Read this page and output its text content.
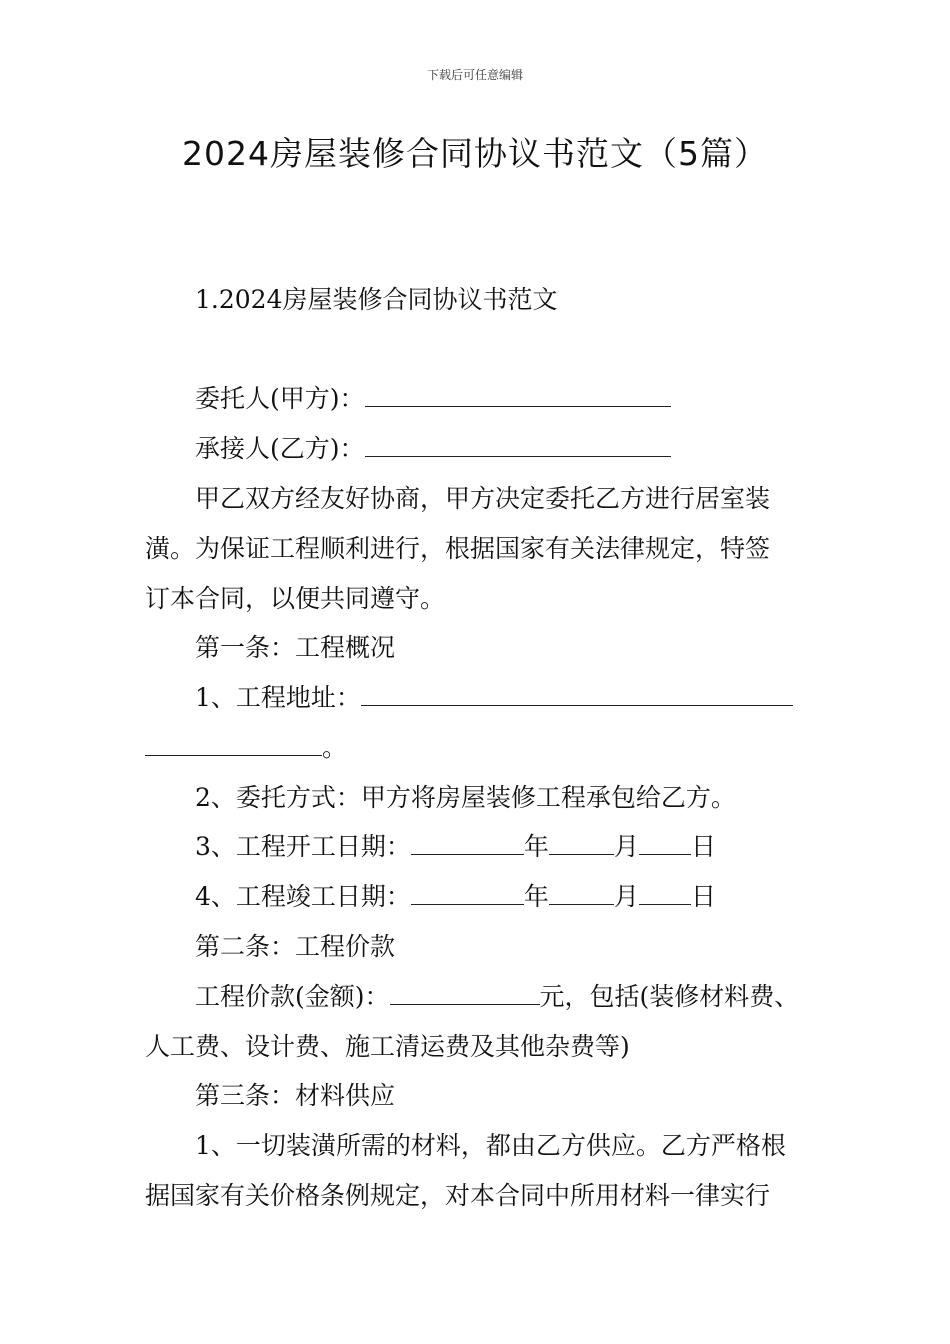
下载后可任意编辑
2024房屋装修合同协议书范文（5篇）
1.2024房屋装修合同协议书范文
委托人(甲方)：
承接人(乙方)：
甲乙双方经友好协商，甲方决定委托乙方进行居室装
潢。为保证工程顺利进行，根据国家有关法律规定，特签
订本合同，以便共同遵守。
第一条：工程概况
1、工程地址：
。
2、委托方式：甲方将房屋装修工程承包给乙方。
3、工程开工日期：	年	月 日
4、工程竣工日期：	年	月 日
第二条：工程价款
工程价款(金额)：	元，包括(装修材料费、
人工费、设计费、施工清运费及其他杂费等)
第三条：材料供应
1、一切装潢所需的材料，都由乙方供应。乙方严格根
据国家有关价格条例规定，对本合同中所用材料一律实行
